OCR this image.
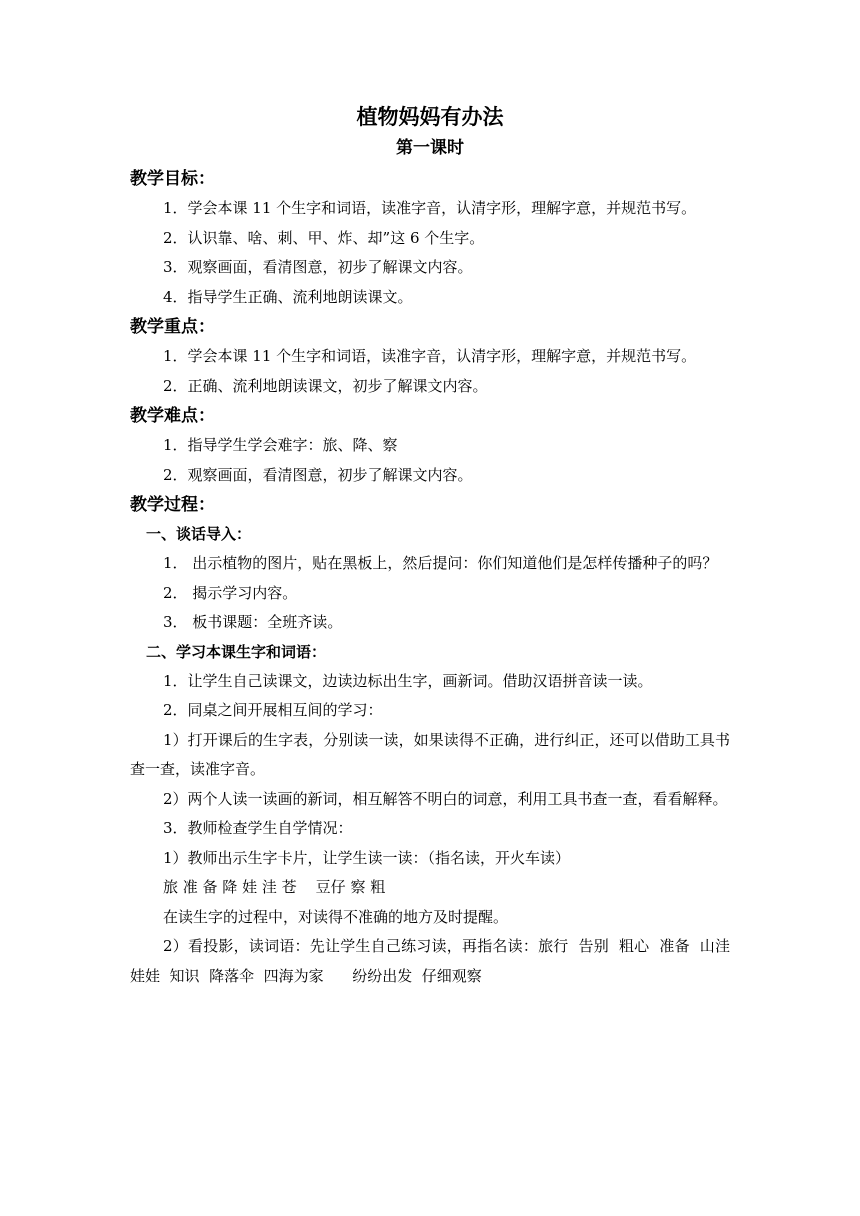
植物妈妈有办法
第一课时
教学目标：

1．学会本课 11 个生字和词语，读准字音，认清字形，理解字意，并规范书写。

2．认识靠、啥、刺、甲、炸、却”这 6 个生字。

3．观察画面，看清图意，初步了解课文内容。

4．指导学生正确、流利地朗读课文。

教学重点：

1．学会本课 11 个生字和词语，读准字音，认清字形，理解字意，并规范书写。

2．正确、流利地朗读课文，初步了解课文内容。

教学难点：

1．指导学生学会难字：旅、降、察

2．观察画面，看清图意，初步了解课文内容。

教学过程：
一、谈话导入：

1． 出示植物的图片，贴在黑板上，然后提问：你们知道他们是怎样传播种子的吗？

2． 揭示学习内容。

3． 板书课题：全班齐读。

二、学习本课生字和词语：

1．让学生自己读课文，边读边标出生字，画新词。借助汉语拼音读一读。

2．同桌之间开展相互间的学习：

1）打开课后的生字表，分别读一读，如果读得不正确，进行纠正，还可以借助工具书查一查，读准字音。

2）两个人读一读画的新词，相互解答不明白的词意，利用工具书查一查，看看解释。

3．教师检查学生自学情况：

1）教师出示生字卡片，让学生读一读：（指名读，开火车读）

旅 准 备 降 娃 洼 苍    豆仔 察 粗

在读生字的过程中，对读得不准确的地方及时提醒。

2）看投影，读词语：先让学生自己练习读，再指名读：旅行  告别  粗心  准备  山洼  娃娃  知识  降落伞  四海为家      纷纷出发  仔细观察
